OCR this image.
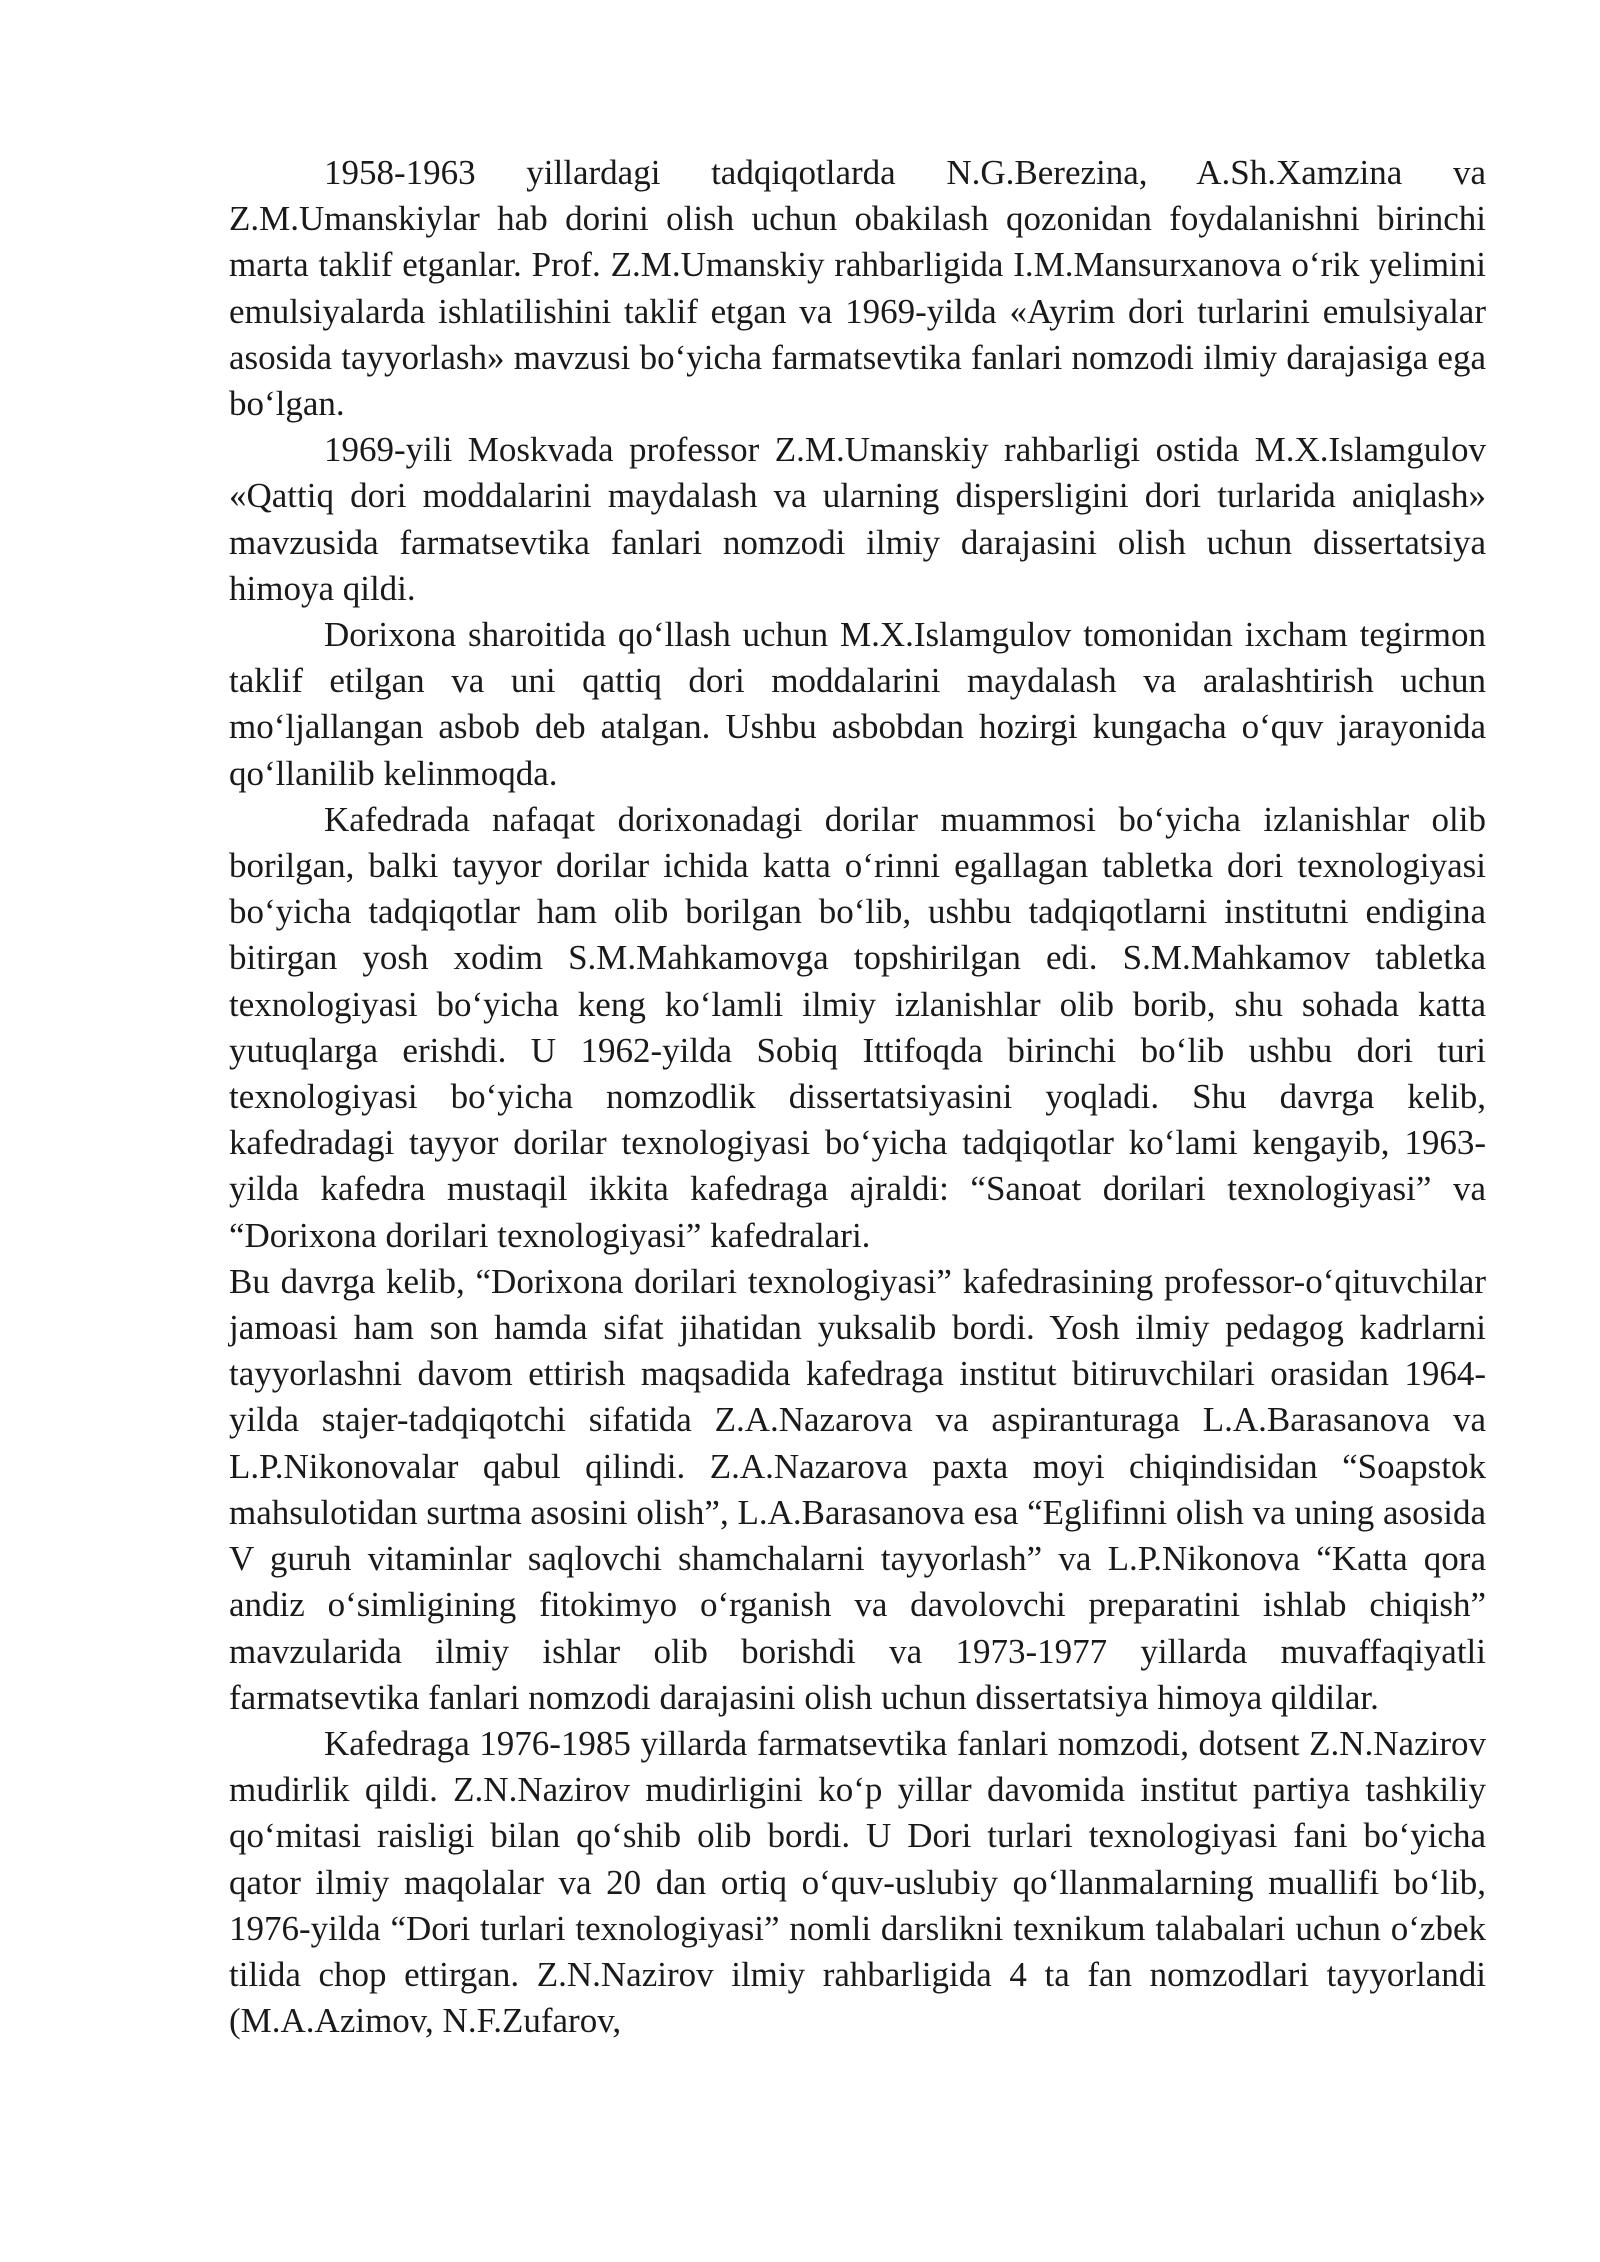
1958-1963 yillardagi tadqiqotlarda N.G.Berezina, A.Sh.Xamzina va Z.M.Umanskiylar hab dorini olish uchun obakilash qozonidan foydalanishni birinchi marta taklif etganlar. Prof. Z.M.Umanskiy rahbarligida I.M.Mansurxanova o‘rik yelimini emulsiyalarda ishlatilishini taklif etgan va 1969-yilda «Ayrim dori turlarini emulsiyalar asosida tayyorlash» mavzusi bo‘yicha farmatsevtika fanlari nomzodi ilmiy darajasiga ega bo‘lgan.

1969-yili Moskvada professor Z.M.Umanskiy rahbarligi ostida M.X.Islamgulov «Qattiq dori moddalarini maydalash va ularning dispersligini dori turlarida aniqlash» mavzusida farmatsevtika fanlari nomzodi ilmiy darajasini olish uchun dissertatsiya himoya qildi.

Dorixona sharoitida qo‘llash uchun M.X.Islamgulov tomonidan ixcham tegirmon taklif etilgan va uni qattiq dori moddalarini maydalash va aralashtirish uchun mo‘ljallangan asbob deb atalgan. Ushbu asbobdan hozirgi kungacha o‘quv jarayonida qo‘llanilib kelinmoqda.

Kafedrada nafaqat dorixonadagi dorilar muammosi bo‘yicha izlanishlar olib borilgan, balki tayyor dorilar ichida katta o‘rinni egallagan tabletka dori texnologiyasi bo‘yicha tadqiqotlar ham olib borilgan bo‘lib, ushbu tadqiqotlarni institutni endigina bitirgan yosh xodim S.M.Mahkamovga topshirilgan edi. S.M.Mahkamov tabletka texnologiyasi bo‘yicha keng ko‘lamli ilmiy izlanishlar olib borib, shu sohada katta yutuqlarga erishdi. U 1962-yilda Sobiq Ittifoqda birinchi bo‘lib ushbu dori turi texnologiyasi bo‘yicha nomzodlik dissertatsiyasini yoqladi. Shu davrga kelib, kafedradagi tayyor dorilar texnologiyasi bo‘yicha tadqiqotlar ko‘lami kengayib, 1963-yilda kafedra mustaqil ikkita kafedraga ajraldi: “Sanoat dorilari texnologiyasi” va “Dorixona dorilari texnologiyasi” kafedralari.

Bu davrga kelib, “Dorixona dorilari texnologiyasi” kafedrasining professor-o‘qituvchilar jamoasi ham son hamda sifat jihatidan yuksalib bordi. Yosh ilmiy pedagog kadrlarni tayyorlashni davom ettirish maqsadida kafedraga institut bitiruvchilari orasidan 1964-yilda stajer-tadqiqotchi sifatida Z.A.Nazarova va aspiranturaga L.A.Barasanova va L.P.Nikonovalar qabul qilindi. Z.A.Nazarova paxta moyi chiqindisidan “Soapstok mahsulotidan surtma asosini olish”, L.A.Barasanova esa “Eglifinni olish va uning asosida V guruh vitaminlar saqlovchi shamchalarni tayyorlash” va L.P.Nikonova “Katta qora andiz o‘simligining fitokimyo o‘rganish va davolovchi preparatini ishlab chiqish” mavzularida ilmiy ishlar olib borishdi va 1973-1977 yillarda muvaffaqiyatli farmatsevtika fanlari nomzodi darajasini olish uchun dissertatsiya himoya qildilar.

Kafedraga 1976-1985 yillarda farmatsevtika fanlari nomzodi, dotsent Z.N.Nazirov mudirlik qildi. Z.N.Nazirov mudirligini ko‘p yillar davomida institut partiya tashkiliy qo‘mitasi raisligi bilan qo‘shib olib bordi. U Dori turlari texnologiyasi fani bo‘yicha qator ilmiy maqolalar va 20 dan ortiq o‘quv-uslubiy qo‘llanmalarning muallifi bo‘lib, 1976-yilda “Dori turlari texnologiyasi” nomli darslikni texnikum talabalari uchun o‘zbek tilida chop ettirgan. Z.N.Nazirov ilmiy rahbarligida 4 ta fan nomzodlari tayyorlandi (M.A.Azimov, N.F.Zufarov,
